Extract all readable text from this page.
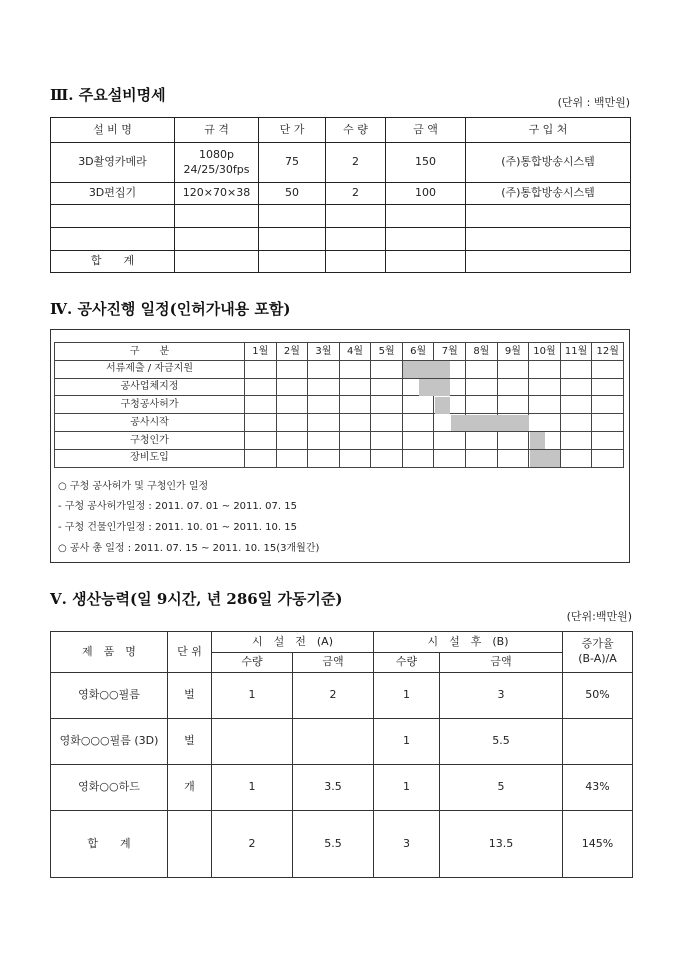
Ⅲ. 주요설비명세	(단위 : 백만원)
설 비 명	규 격	단 가	수 량	금 액	구 입 처
3D촬영카메라	1080p 24/25/30fps	75	2	150	(주)통합방송시스템
3D편집기	120×70×38	50	2	100	(주)통합방송시스템

합　　계					
Ⅳ. 공사진행 일정(인허가내용 포함)
구　　분	1월	2월	3월	4월	5월	6월	7월	8월	9월	10월	11월	12월
서류제출 / 자금지원												
공사업체지정												
구청공사허가												
공사시작												
구청인가												
장비도입												
○ 구청 공사허가 및 구청인가 일정
- 구청 공사허가일정 : 2011. 07. 01 ~ 2011. 07. 15
- 구청 건물인가일정 : 2011. 10. 01 ~ 2011. 10. 15
○ 공사 총 일정 : 2011. 07. 15 ~ 2011. 10. 15(3개월간)
Ⅴ. 생산능력(일 9시간, 년 286일 가동기준)
(단위:백만원)
제　품　명	단 위	시　설　전　(A)		시　설　후　(B)		증가율
(B-A)/A
		수량	금액	수량	금액	
영화○○필름	벌	1	2	1	3	50%
영화○○○필름 (3D)	벌			1	5.5	
영화○○하드	개	1	3.5	1	5	43%
합　　계		2	5.5	3	13.5	145%
